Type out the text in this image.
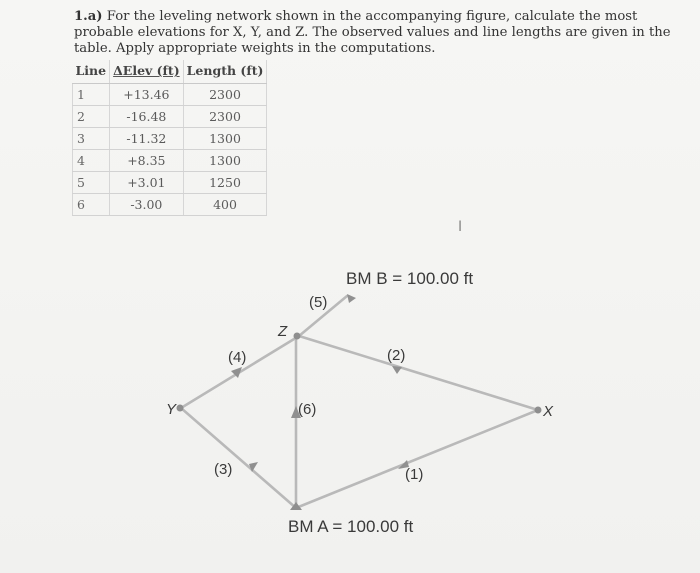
1.a) For the leveling network shown in the accompanying figure, calculate the most
probable elevations for X, Y, and Z. The observed values and line lengths are given in the
table. Apply appropriate weights in the computations.
Line	ΔElev (ft)	Length (ft)
1	+13.46	2300
2	-16.48	2300
3	-11.32	1300
4	+8.35	1300
5	+3.01	1250
6	-3.00	400
I
BM B = 100.00 ft
(5)
Z
(4)	(2)
Y	(6)	X
(3)	(1)
BM A = 100.00 ft
